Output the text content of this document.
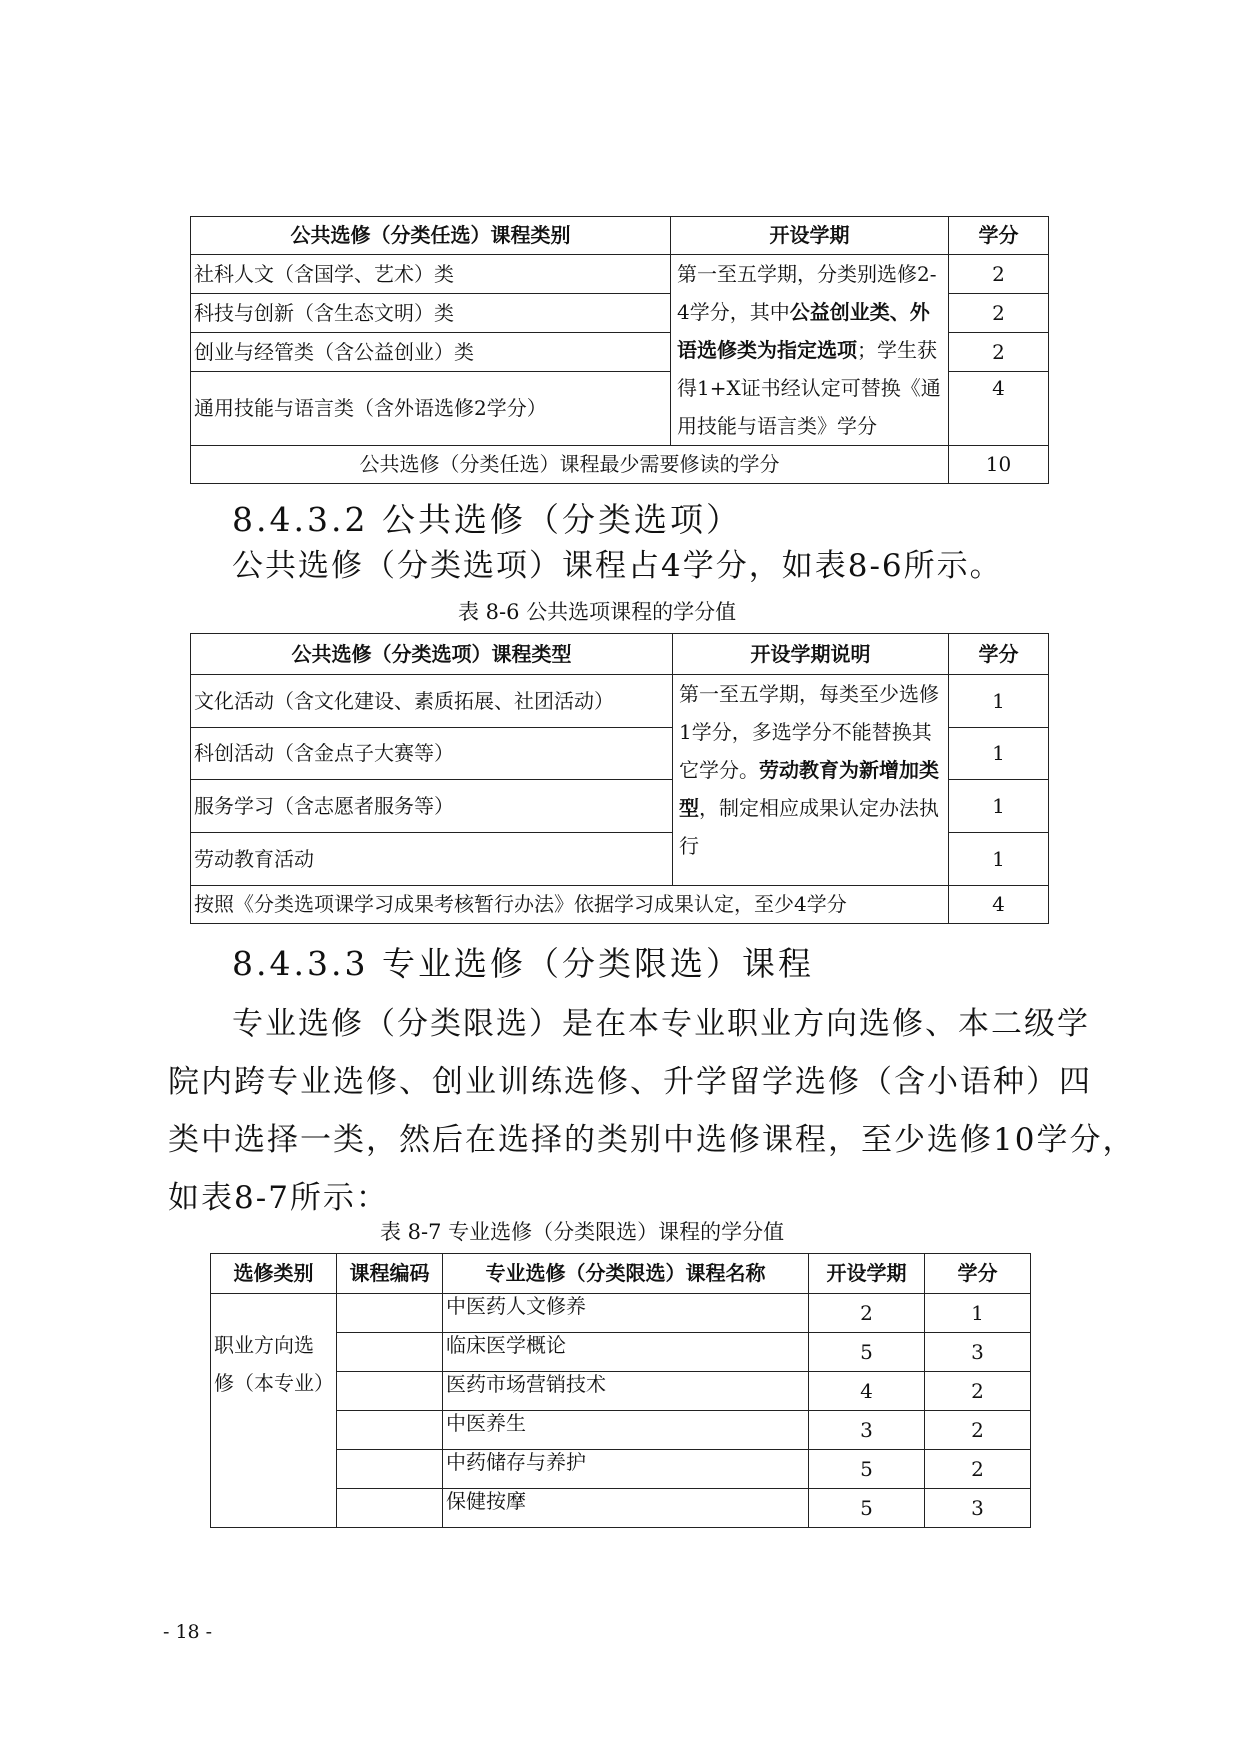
公共选修（分类任选）课程类别	开设学期	学分
社科人文（含国学、艺术）类	第一至五学期，分类别选修2-4学分，其中公益创业类、外语选修类为指定选项；学生获得1+X证书经认定可替换《通用技能与语言类》学分	2
科技与创新（含生态文明）类		2
创业与经管类（含公益创业）类		2
通用技能与语言类（含外语选修2学分）		4
公共选修（分类任选）课程最少需要修读的学分		10
8.4.3.2 公共选修（分类选项）
公共选修（分类选项）课程占4学分，如表8-6所示。
表 8-6 公共选项课程的学分值
公共选修（分类选项）课程类型	开设学期说明	学分
文化活动（含文化建设、素质拓展、社团活动）	第一至五学期，每类至少选修1学分，多选学分不能替换其它学分。劳动教育为新增加类型，制定相应成果认定办法执行	1
科创活动（含金点子大赛等）		1
服务学习（含志愿者服务等）		1
劳动教育活动		1
按照《分类选项课学习成果考核暂行办法》依据学习成果认定，至少4学分		4
8.4.3.3 专业选修（分类限选）课程
专业选修（分类限选）是在本专业职业方向选修、本二级学
院内跨专业选修、创业训练选修、升学留学选修（含小语种）四
类中选择一类，然后在选择的类别中选修课程，至少选修10学分，
如表8-7所示：
表 8-7 专业选修（分类限选）课程的学分值
选修类别	课程编码	专业选修（分类限选）课程名称	开设学期	学分
职业方向选修（本专业）		中医药人文修养	2	1
		临床医学概论	5	3
		医药市场营销技术	4	2
		中医养生	3	2
		中药储存与养护	5	2
		保健按摩	5	3
- 18 -
